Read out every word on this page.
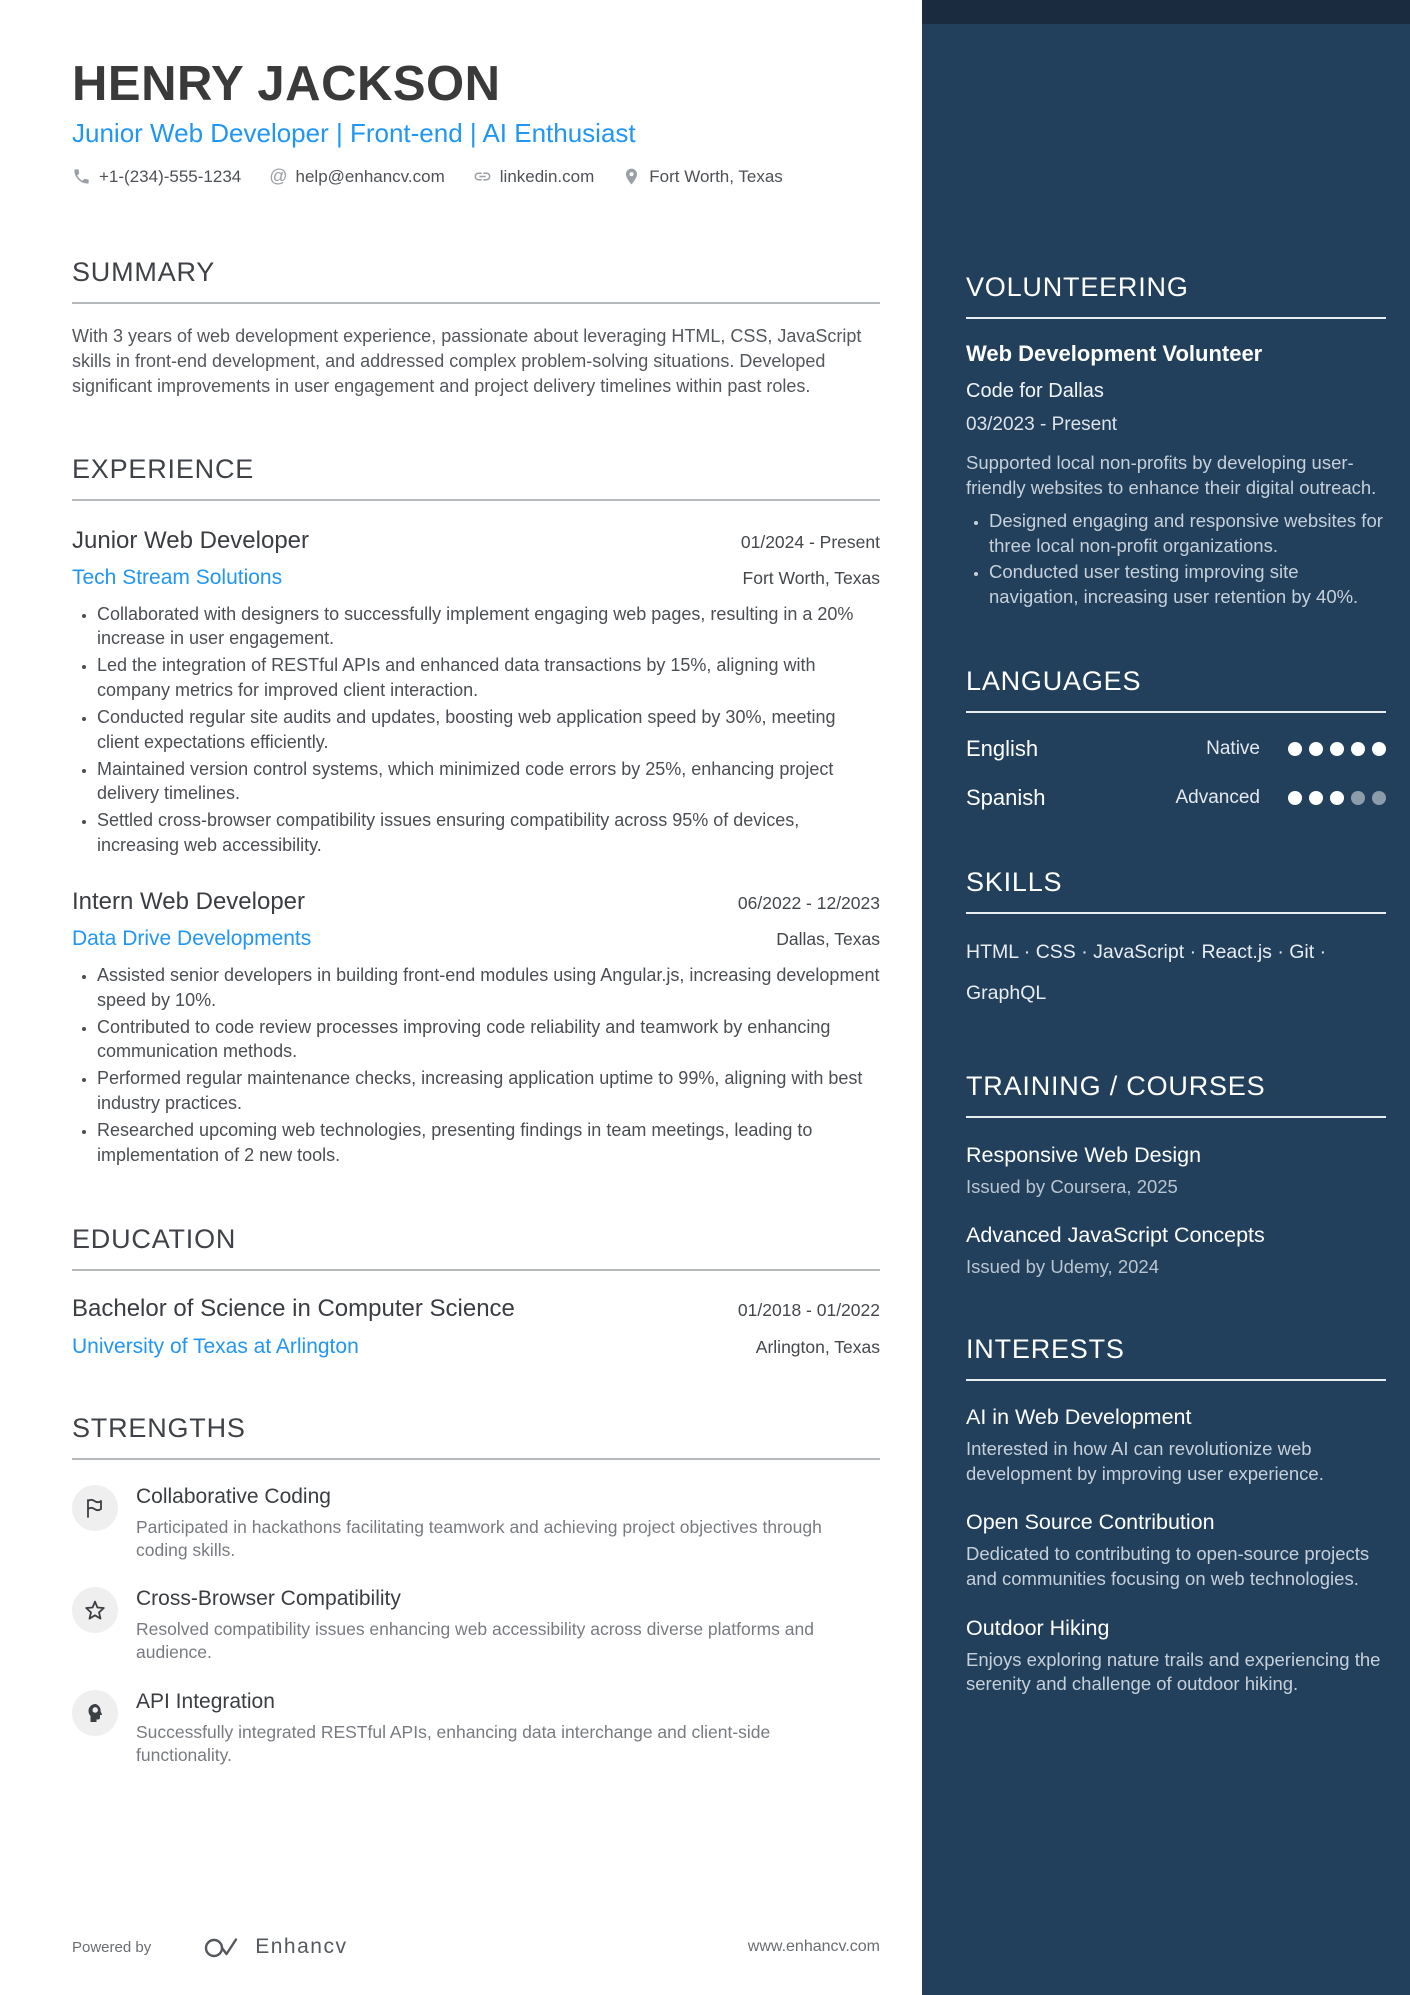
HENRY JACKSON
Junior Web Developer | Front-end | AI Enthusiast
+1-(234)-555-1234 @ help@enhancv.com	linkedin.com	Fort Worth, Texas
SUMMARY
With 3 years of web development experience, passionate about leveraging HTML, CSS, JavaScript skills in front-end development, and addressed complex problem-solving situations. Developed significant improvements in user engagement and project delivery timelines within past roles.
EXPERIENCE
Junior Web Developer	01/2024 - Present
Tech Stream Solutions	Fort Worth, Texas
• Collaborated with designers to successfully implement engaging web pages, resulting in a 20% increase in user engagement.
• Led the integration of RESTful APIs and enhanced data transactions by 15%, aligning with company metrics for improved client interaction.
• Conducted regular site audits and updates, boosting web application speed by 30%, meeting client expectations efficiently.
• Maintained version control systems, which minimized code errors by 25%, enhancing project delivery timelines.
• Settled cross-browser compatibility issues ensuring compatibility across 95% of devices, increasing web accessibility.
Intern Web Developer	06/2022 - 12/2023
Data Drive Developments	Dallas, Texas
• Assisted senior developers in building front-end modules using Angular.js, increasing development speed by 10%.
• Contributed to code review processes improving code reliability and teamwork by enhancing communication methods.
• Performed regular maintenance checks, increasing application uptime to 99%, aligning with best industry practices.
• Researched upcoming web technologies, presenting findings in team meetings, leading to implementation of 2 new tools.
EDUCATION
Bachelor of Science in Computer Science	01/2018 - 01/2022
University of Texas at Arlington	Arlington, Texas
STRENGTHS
Collaborative Coding
Participated in hackathons facilitating teamwork and achieving project objectives through coding skills.
Cross-Browser Compatibility
Resolved compatibility issues enhancing web accessibility across diverse platforms and audience.
API Integration
Successfully integrated RESTful APIs, enhancing data interchange and client-side functionality.
Powered by	Enhancv	www.enhancv.com
VOLUNTEERING
Web Development Volunteer
Code for Dallas
03/2023 - Present
Supported local non-profits by developing user-friendly websites to enhance their digital outreach.
• Designed engaging and responsive websites for three local non-profit organizations.
• Conducted user testing improving site navigation, increasing user retention by 40%.
LANGUAGES
English	Native
Spanish	Advanced
SKILLS
HTML · CSS · JavaScript · React.js · Git · GraphQL
TRAINING / COURSES
Responsive Web Design
Issued by Coursera, 2025
Advanced JavaScript Concepts
Issued by Udemy, 2024
INTERESTS
AI in Web Development
Interested in how AI can revolutionize web development by improving user experience.
Open Source Contribution
Dedicated to contributing to open-source projects and communities focusing on web technologies.
Outdoor Hiking
Enjoys exploring nature trails and experiencing the serenity and challenge of outdoor hiking.
